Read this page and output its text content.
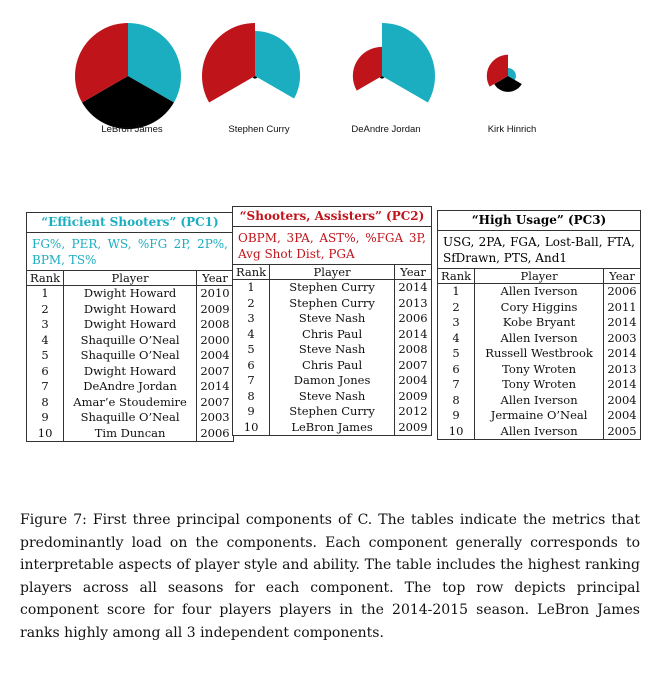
LeBron James	Stephen Curry	DeAndre Jordan	Kirk Hinrich
“Efficient Shooters” (PC1)
FG%, PER, WS, %FG 2P, 2P%, BPM, TS%
Rank	Player	Year
1	Dwight Howard	2010
2	Dwight Howard	2009
3	Dwight Howard	2008
4	Shaquille O’Neal	2000
5	Shaquille O’Neal	2004
6	Dwight Howard	2007
7	DeAndre Jordan	2014
8	Amar’e Stoudemire	2007
9	Shaquille O’Neal	2003
10	Tim Duncan	2006
“Shooters, Assisters” (PC2)
OBPM, 3PA, AST%, %FGA 3P, Avg Shot Dist, PGA
Rank	Player	Year
1	Stephen Curry	2014
2	Stephen Curry	2013
3	Steve Nash	2006
4	Chris Paul	2014
5	Steve Nash	2008
6	Chris Paul	2007
7	Damon Jones	2004
8	Steve Nash	2009
9	Stephen Curry	2012
10	LeBron James	2009
“High Usage” (PC3)
USG, 2PA, FGA, Lost-Ball, FTA, SfDrawn, PTS, And1
Rank	Player	Year
1	Allen Iverson	2006
2	Cory Higgins	2011
3	Kobe Bryant	2014
4	Allen Iverson	2003
5	Russell Westbrook	2014
6	Tony Wroten	2013
7	Tony Wroten	2014
8	Allen Iverson	2004
9	Jermaine O’Neal	2004
10	Allen Iverson	2005
Figure 7: First three principal components of C. The tables indicate the metrics that predominantly load on the components. Each component generally corresponds to interpretable aspects of player style and ability. The table includes the highest ranking players across all seasons for each component. The top row depicts principal component score for four players players in the 2014-2015 season. LeBron James ranks highly among all 3 independent components.
